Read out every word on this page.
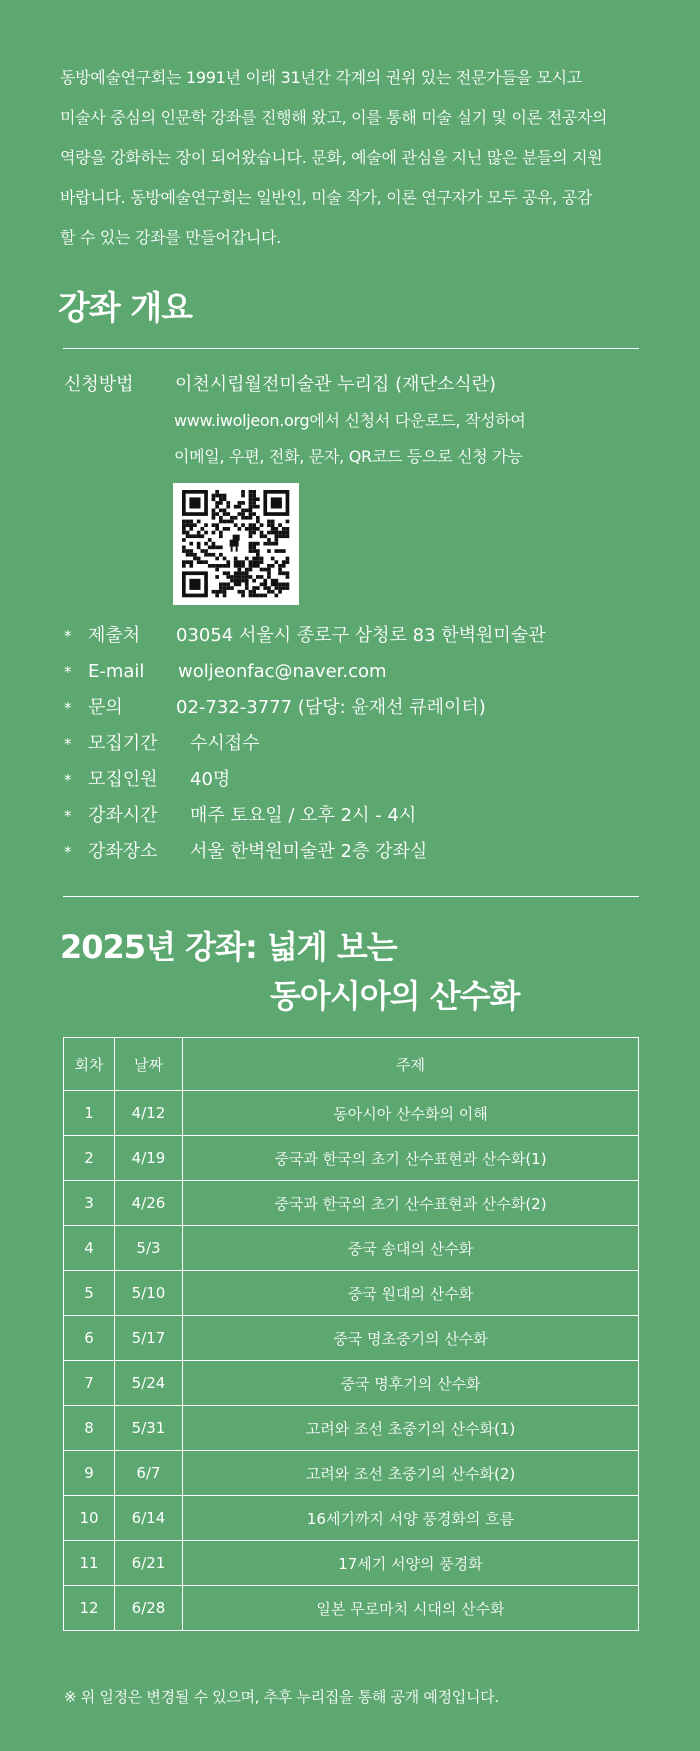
동방예술연구회는 1991년 이래 31년간 각계의 권위 있는 전문가들을 모시고

미술사 중심의 인문학 강좌를 진행해 왔고, 이를 통해 미술 실기 및 이론 전공자의

역량을 강화하는 장이 되어왔습니다. 문화, 예술에 관심을 지닌 많은 분들의 지원

바랍니다. 동방예술연구회는 일반인, 미술 작가, 이론 연구자가 모두 공유, 공감

할 수 있는 강좌를 만들어갑니다.

강좌 개요
신청방법 이천시립월전미술관 누리집 (재단소식란)
www.iwoljeon.org에서 신청서 다운로드, 작성하여
이메일, 우편, 전화, 문자, QR코드 등으로 신청 가능
* 제출처 03054 서울시 종로구 삼청로 83 한벽원미술관
* E-mail woljeonfac@naver.com
* 문의	02-732-3777 (담당: 윤재선 큐레이터)
* 모집기간 수시접수
* 모집인원 40명
* 강좌시간 매주 토요일 / 오후 2시 - 4시
* 강좌장소 서울 한벽원미술관 2층 강좌실
2025년 강좌: 넓게 보는
동아시아의 산수화
회차	날짜	주제
1	4/12	동아시아 산수화의 이해
2	4/19	중국과 한국의 초기 산수표현과 산수화(1)
3	4/26	중국과 한국의 초기 산수표현과 산수화(2)
4	5/3	중국 송대의 산수화
5	5/10	중국 원대의 산수화
6	5/17	중국 명초중기의 산수화
7	5/24	중국 명후기의 산수화
8	5/31	고려와 조선 초중기의 산수화(1)
9	6/7	고려와 조선 초중기의 산수화(2)
10	6/14	16세기까지 서양 풍경화의 흐름
11	6/21	17세기 서양의 풍경화
12	6/28	일본 무로마치 시대의 산수화
※ 위 일정은 변경될 수 있으며, 추후 누리집을 통해 공개 예정입니다.
